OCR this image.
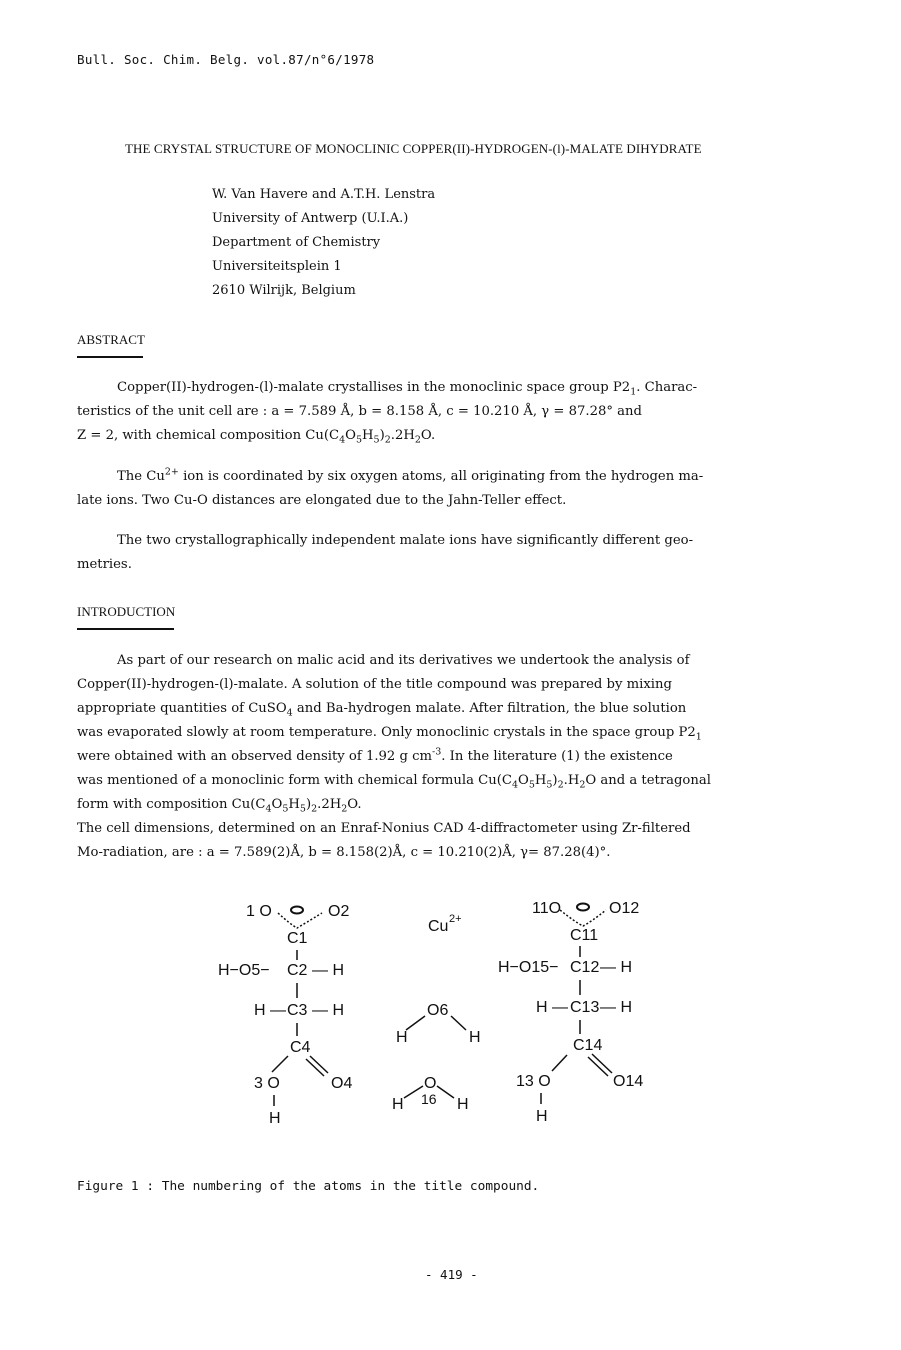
Bull. Soc. Chim. Belg. vol.87/n°6/1978
THE CRYSTAL STRUCTURE OF MONOCLINIC COPPER(II)-HYDROGEN-(l)-MALATE DIHYDRATE
W. Van Havere and A.T.H. Lenstra
University of Antwerp (U.I.A.)
Department of Chemistry
Universiteitsplein 1
2610 Wilrijk, Belgium
ABSTRACT
Copper(II)-hydrogen-(l)-malate crystallises in the monoclinic space group $P2_1$. Charac-
teristics of the unit cell are : a = 7.589 Å, b = 8.158 Å, c = 10.210 Å, γ = 87.28° and
Z = 2, with chemical composition $Cu(C_4O_5H_5)_2.2H_2O$.
The $Cu^{2+}$ ion is coordinated by six oxygen atoms, all originating from the hydrogen ma-
late ions. Two Cu-O distances are elongated due to the Jahn-Teller effect.
The two crystallographically independent malate ions have significantly different geo-
metries.
INTRODUCTION
As part of our research on malic acid and its derivatives we undertook the analysis of
Copper(II)-hydrogen-(l)-malate. A solution of the title compound was prepared by mixing
appropriate quantities of CuSO$_4$ and Ba-hydrogen malate. After filtration, the blue solution
was evaporated slowly at room temperature. Only monoclinic crystals in the space group $P2_1$
were obtained with an observed density of 1.92 g $cm^{-3}$. In the literature (1) the existence
was mentioned of a monoclinic form with chemical formula $Cu(C_4O_5H_5)_2.H_2O$ and a tetragonal
form with composition $Cu(C_4O_5H_5)_2.2H_2O$.
The cell dimensions, determined on an Enraf-Nonius CAD 4-diffractometer using Zr-filtered
Mo-radiation, are : a = 7.589(2)Å, b = 8.158(2)Å, c = 10.210(2)Å, γ= 87.28(4)°.
1 O	O2
C1
H−O5− C2 — H
H — C3 — H
C4
3 O	O4
H
Cu 2+
O6
H	H
O
16
H	H
11O	O12
C11
H−O15− C12 — H
H — C13 — H
C14
13 O	O14
H
Figure 1 : The numbering of the atoms in the title compound.
- 419 -
